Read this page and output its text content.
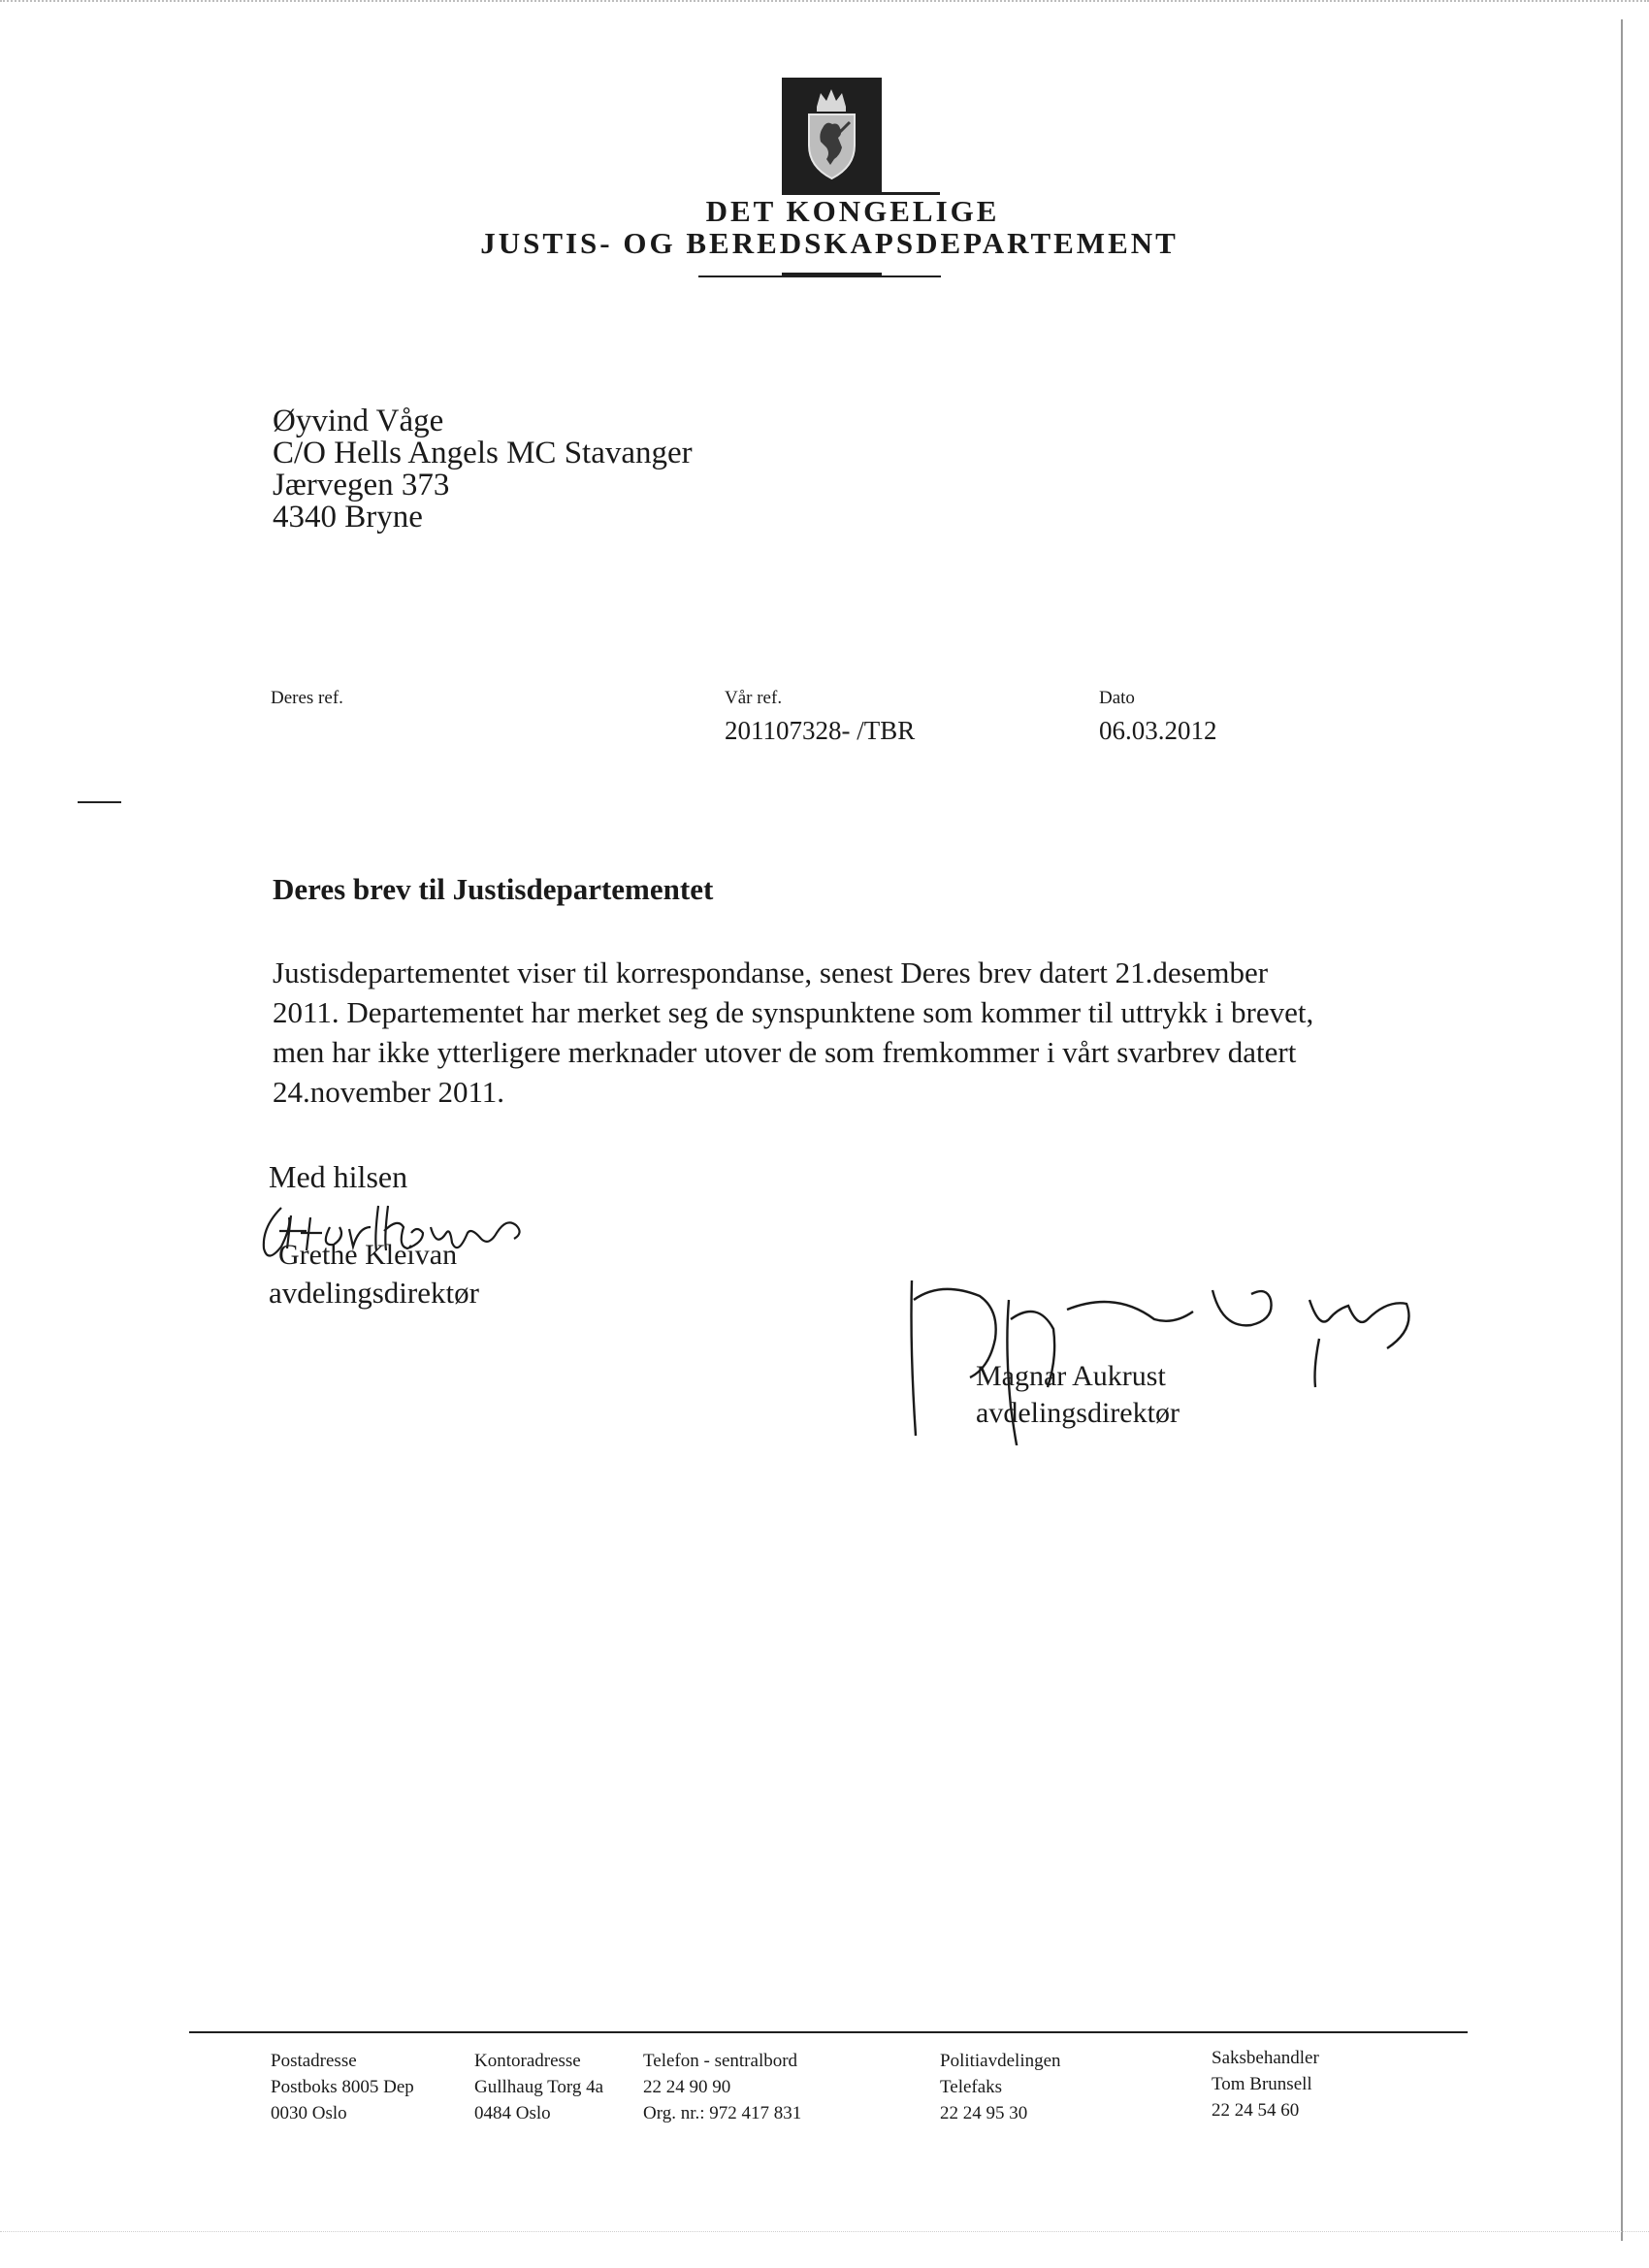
DET KONGELIGE
JUSTIS- OG BEREDSKAPSDEPARTEMENT
Øyvind Våge
C/O Hells Angels MC Stavanger
Jærvegen 373
4340 Bryne
Deres ref.	Vår ref.
201107328- /TBR
Dato
06.03.2012
Deres brev til Justisdepartementet
Justisdepartementet viser til korrespondanse, senest Deres brev datert 21.desember
2011. Departementet har merket seg de synspunktene som kommer til uttrykk i brevet,
men har ikke ytterligere merknader utover de som fremkommer i vårt svarbrev datert
24.november 2011.
Med hilsen
Grethe Kleivan
avdelingsdirektør
Magnar Aukrust
avdelingsdirektør
Postadresse
Postboks 8005 Dep
0030 Oslo
Kontoradresse
Gullhaug Torg 4a
0484 Oslo
Telefon - sentralbord
22 24 90 90
Org. nr.: 972 417 831
Politiavdelingen
Telefaks
22 24 95 30
Saksbehandler
Tom Brunsell
22 24 54 60
